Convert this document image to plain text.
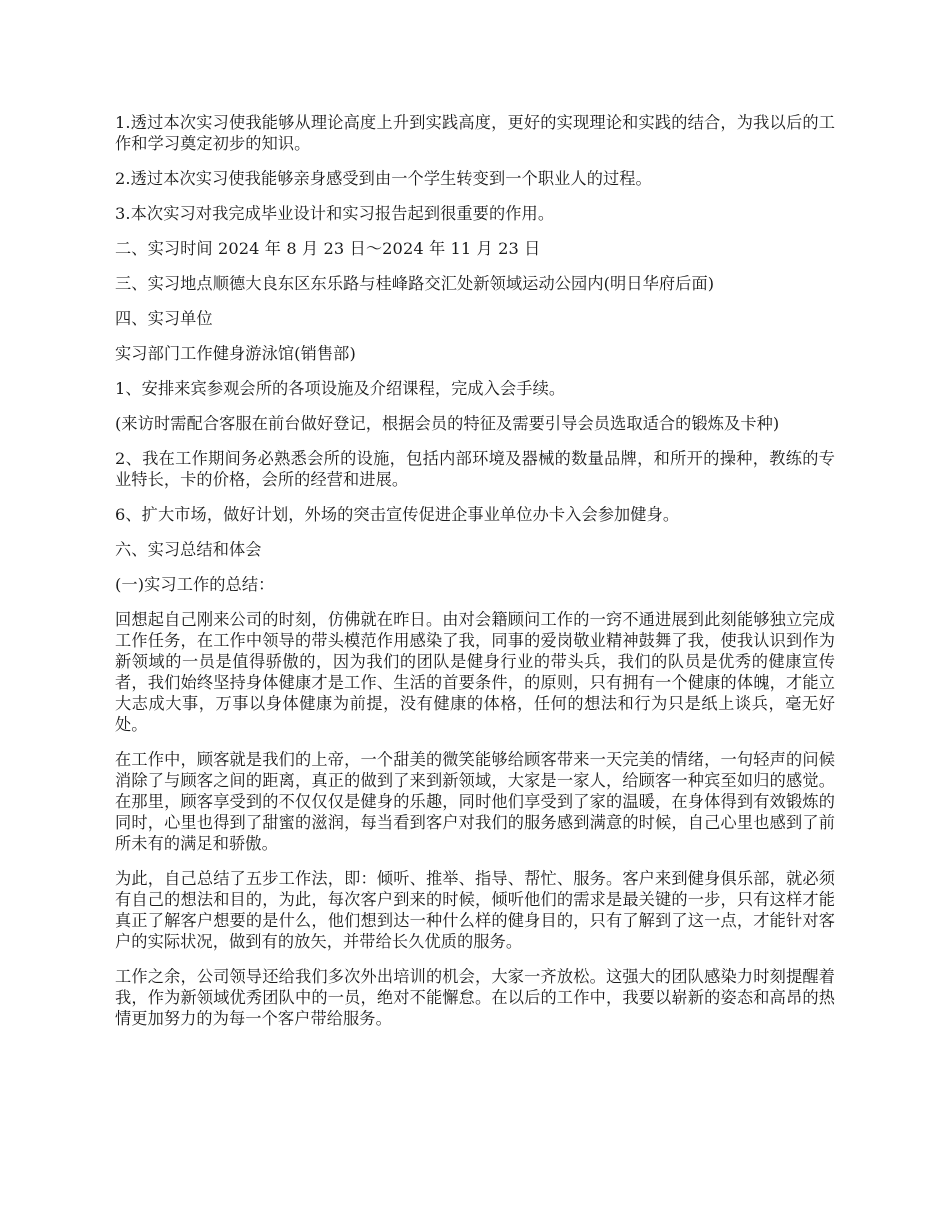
1.透过本次实习使我能够从理论高度上升到实践高度，更好的实现理论和实践的结合，为我以后的工作和学习奠定初步的知识。

2.透过本次实习使我能够亲身感受到由一个学生转变到一个职业人的过程。

3.本次实习对我完成毕业设计和实习报告起到很重要的作用。

二、实习时间 2024 年 8 月 23 日～2024 年 11 月 23 日

三、实习地点顺德大良东区东乐路与桂峰路交汇处新领域运动公园内(明日华府后面)

四、实习单位

实习部门工作健身游泳馆(销售部)

1、安排来宾参观会所的各项设施及介绍课程，完成入会手续。

(来访时需配合客服在前台做好登记，根据会员的特征及需要引导会员选取适合的锻炼及卡种)

2、我在工作期间务必熟悉会所的设施，包括内部环境及器械的数量品牌，和所开的操种，教练的专业特长，卡的价格，会所的经营和进展。

6、扩大市场，做好计划，外场的突击宣传促进企事业单位办卡入会参加健身。

六、实习总结和体会

(一)实习工作的总结：

回想起自己刚来公司的时刻，仿佛就在昨日。由对会籍顾问工作的一窍不通进展到此刻能够独立完成工作任务，在工作中领导的带头模范作用感染了我，同事的爱岗敬业精神鼓舞了我，使我认识到作为新领域的一员是值得骄傲的，因为我们的团队是健身行业的带头兵，我们的队员是优秀的健康宣传者，我们始终坚持身体健康才是工作、生活的首要条件，的原则，只有拥有一个健康的体魄，才能立大志成大事，万事以身体健康为前提，没有健康的体格，任何的想法和行为只是纸上谈兵，毫无好处。

在工作中，顾客就是我们的上帝，一个甜美的微笑能够给顾客带来一天完美的情绪，一句轻声的问候消除了与顾客之间的距离，真正的做到了来到新领域，大家是一家人，给顾客一种宾至如归的感觉。在那里，顾客享受到的不仅仅仅是健身的乐趣，同时他们享受到了家的温暖，在身体得到有效锻炼的同时，心里也得到了甜蜜的滋润，每当看到客户对我们的服务感到满意的时候，自己心里也感到了前所未有的满足和骄傲。

为此，自己总结了五步工作法，即：倾听、推举、指导、帮忙、服务。客户来到健身俱乐部，就必须有自己的想法和目的，为此，每次客户到来的时候，倾听他们的需求是最关键的一步，只有这样才能真正了解客户想要的是什么，他们想到达一种什么样的健身目的，只有了解到了这一点，才能针对客户的实际状况，做到有的放矢，并带给长久优质的服务。

工作之余，公司领导还给我们多次外出培训的机会，大家一齐放松。这强大的团队感染力时刻提醒着我，作为新领域优秀团队中的一员，绝对不能懈怠。在以后的工作中，我要以崭新的姿态和高昂的热情更加努力的为每一个客户带给服务。
